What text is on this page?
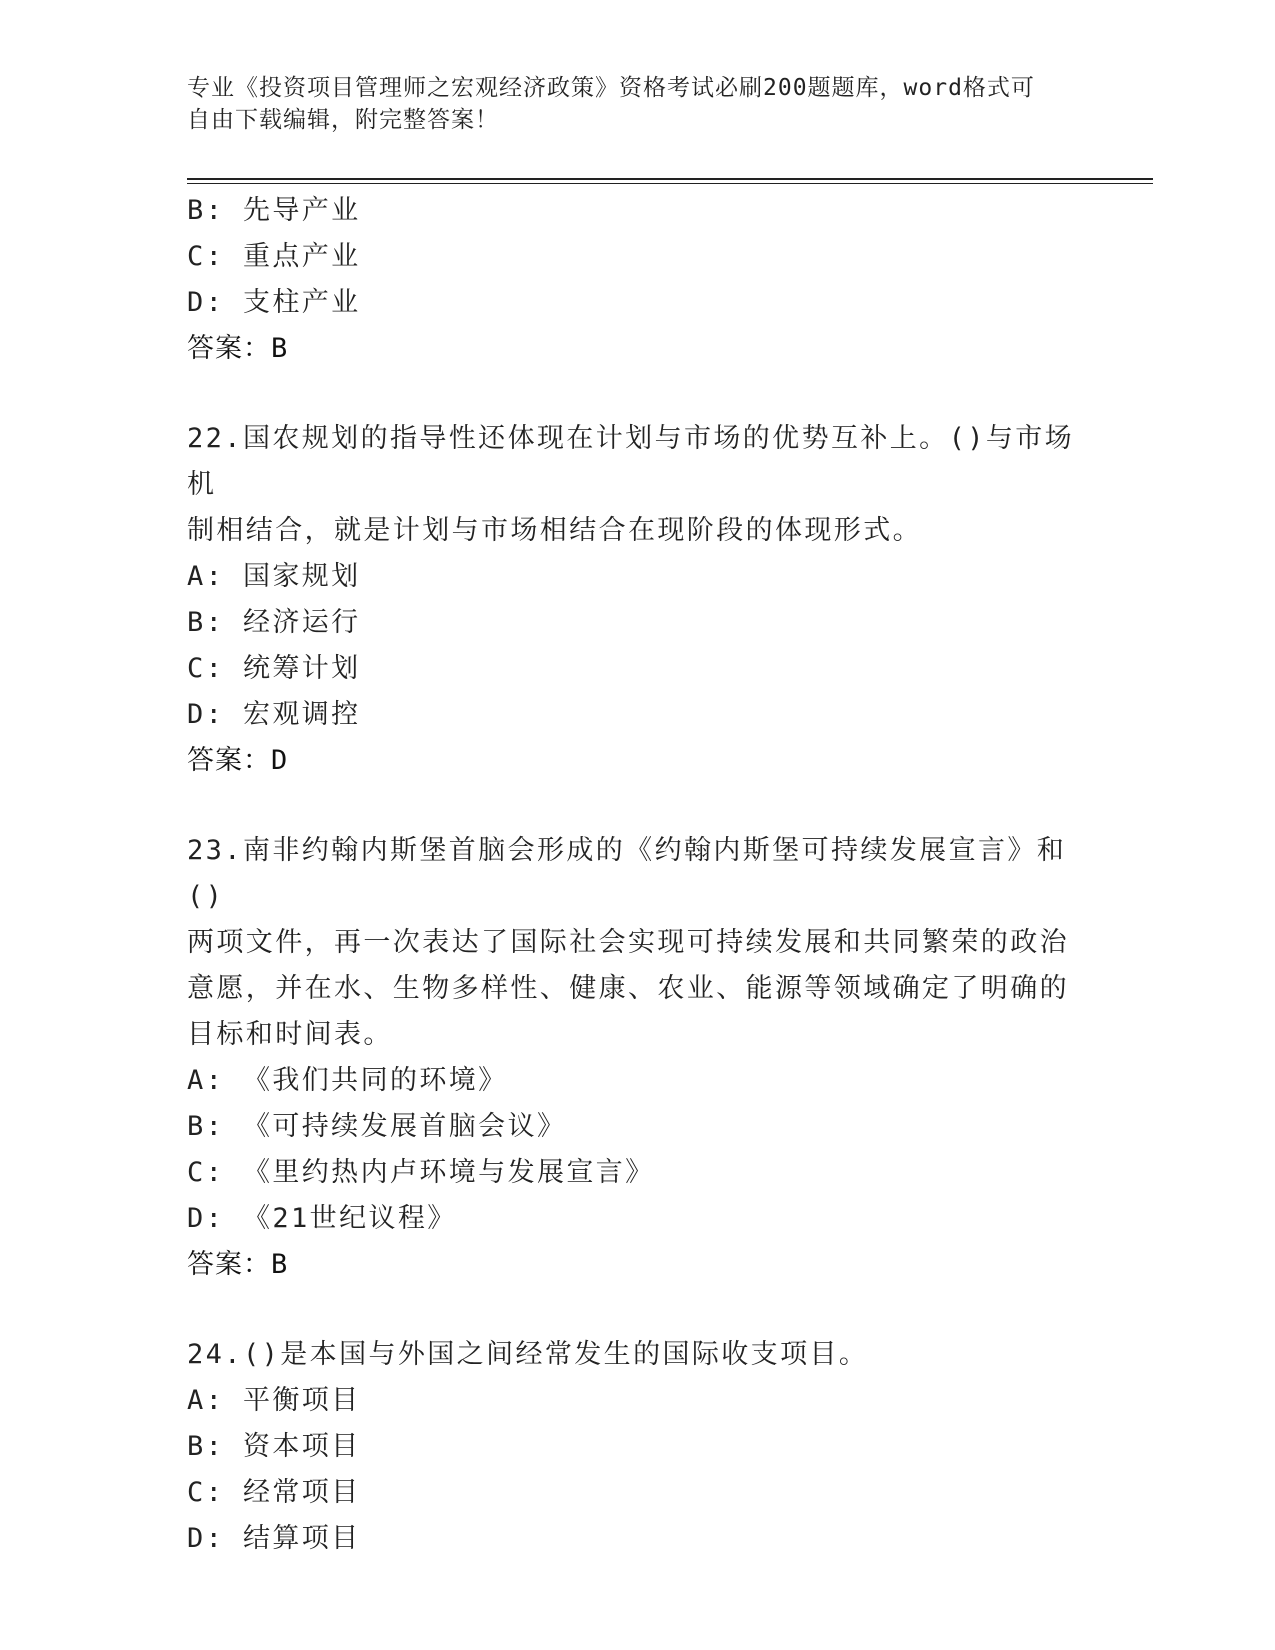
专业《投资项目管理师之宏观经济政策》资格考试必刷200题题库，word格式可
自由下载编辑，附完整答案！
B: 先导产业
C: 重点产业
D: 支柱产业
答案：B
22.国农规划的指导性还体现在计划与市场的优势互补上。()与市场机
制相结合，就是计划与市场相结合在现阶段的体现形式。
A: 国家规划
B: 经济运行
C: 统筹计划
D: 宏观调控
答案：D
23.南非约翰内斯堡首脑会形成的《约翰内斯堡可持续发展宣言》和()
两项文件，再一次表达了国际社会实现可持续发展和共同繁荣的政治
意愿，并在水、生物多样性、健康、农业、能源等领域确定了明确的
目标和时间表。
A: 《我们共同的环境》
B: 《可持续发展首脑会议》
C: 《里约热内卢环境与发展宣言》
D: 《21世纪议程》
答案：B
24.()是本国与外国之间经常发生的国际收支项目。
A: 平衡项目
B: 资本项目
C: 经常项目
D: 结算项目
